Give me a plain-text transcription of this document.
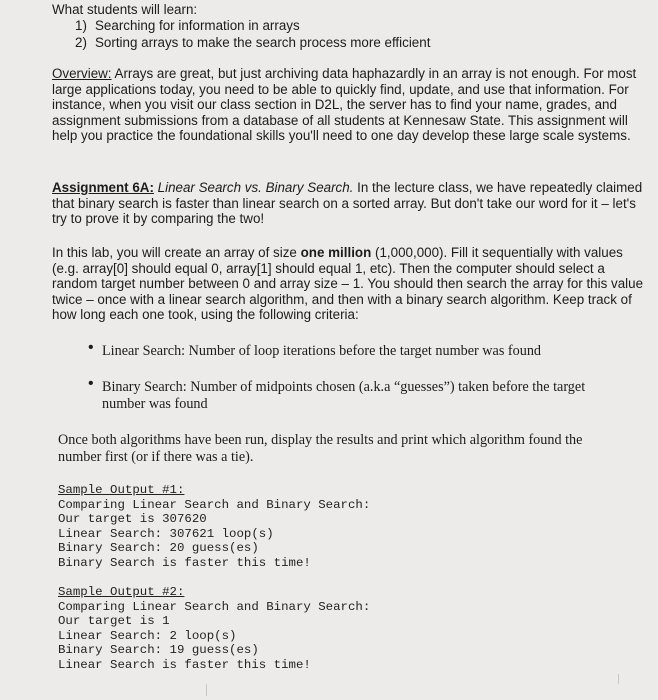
What students will learn:
1) Searching for information in arrays
2) Sorting arrays to make the search process more efficient
Overview: Arrays are great, but just archiving data haphazardly in an array is not enough. For most large applications today, you need to be able to quickly find, update, and use that information. For instance, when you visit our class section in D2L, the server has to find your name, grades, and assignment submissions from a database of all students at Kennesaw State. This assignment will help you practice the foundational skills you'll need to one day develop these large scale systems.
Assignment 6A: Linear Search vs. Binary Search. In the lecture class, we have repeatedly claimed that binary search is faster than linear search on a sorted array. But don't take our word for it – let's try to prove it by comparing the two!
In this lab, you will create an array of size one million (1,000,000). Fill it sequentially with values (e.g. array[0] should equal 0, array[1] should equal 1, etc). Then the computer should select a random target number between 0 and array size – 1. You should then search the array for this value twice – once with a linear search algorithm, and then with a binary search algorithm. Keep track of how long each one took, using the following criteria:
• Linear Search: Number of loop iterations before the target number was found
• Binary Search: Number of midpoints chosen (a.k.a “guesses”) taken before the target number was found
Once both algorithms have been run, display the results and print which algorithm found the number first (or if there was a tie).
Sample Output #1:
Comparing Linear Search and Binary Search:
Our target is 307620
Linear Search: 307621 loop(s)
Binary Search: 20 guess(es)
Binary Search is faster this time!
Sample Output #2:
Comparing Linear Search and Binary Search:
Our target is 1
Linear Search: 2 loop(s)
Binary Search: 19 guess(es)
Linear Search is faster this time!
